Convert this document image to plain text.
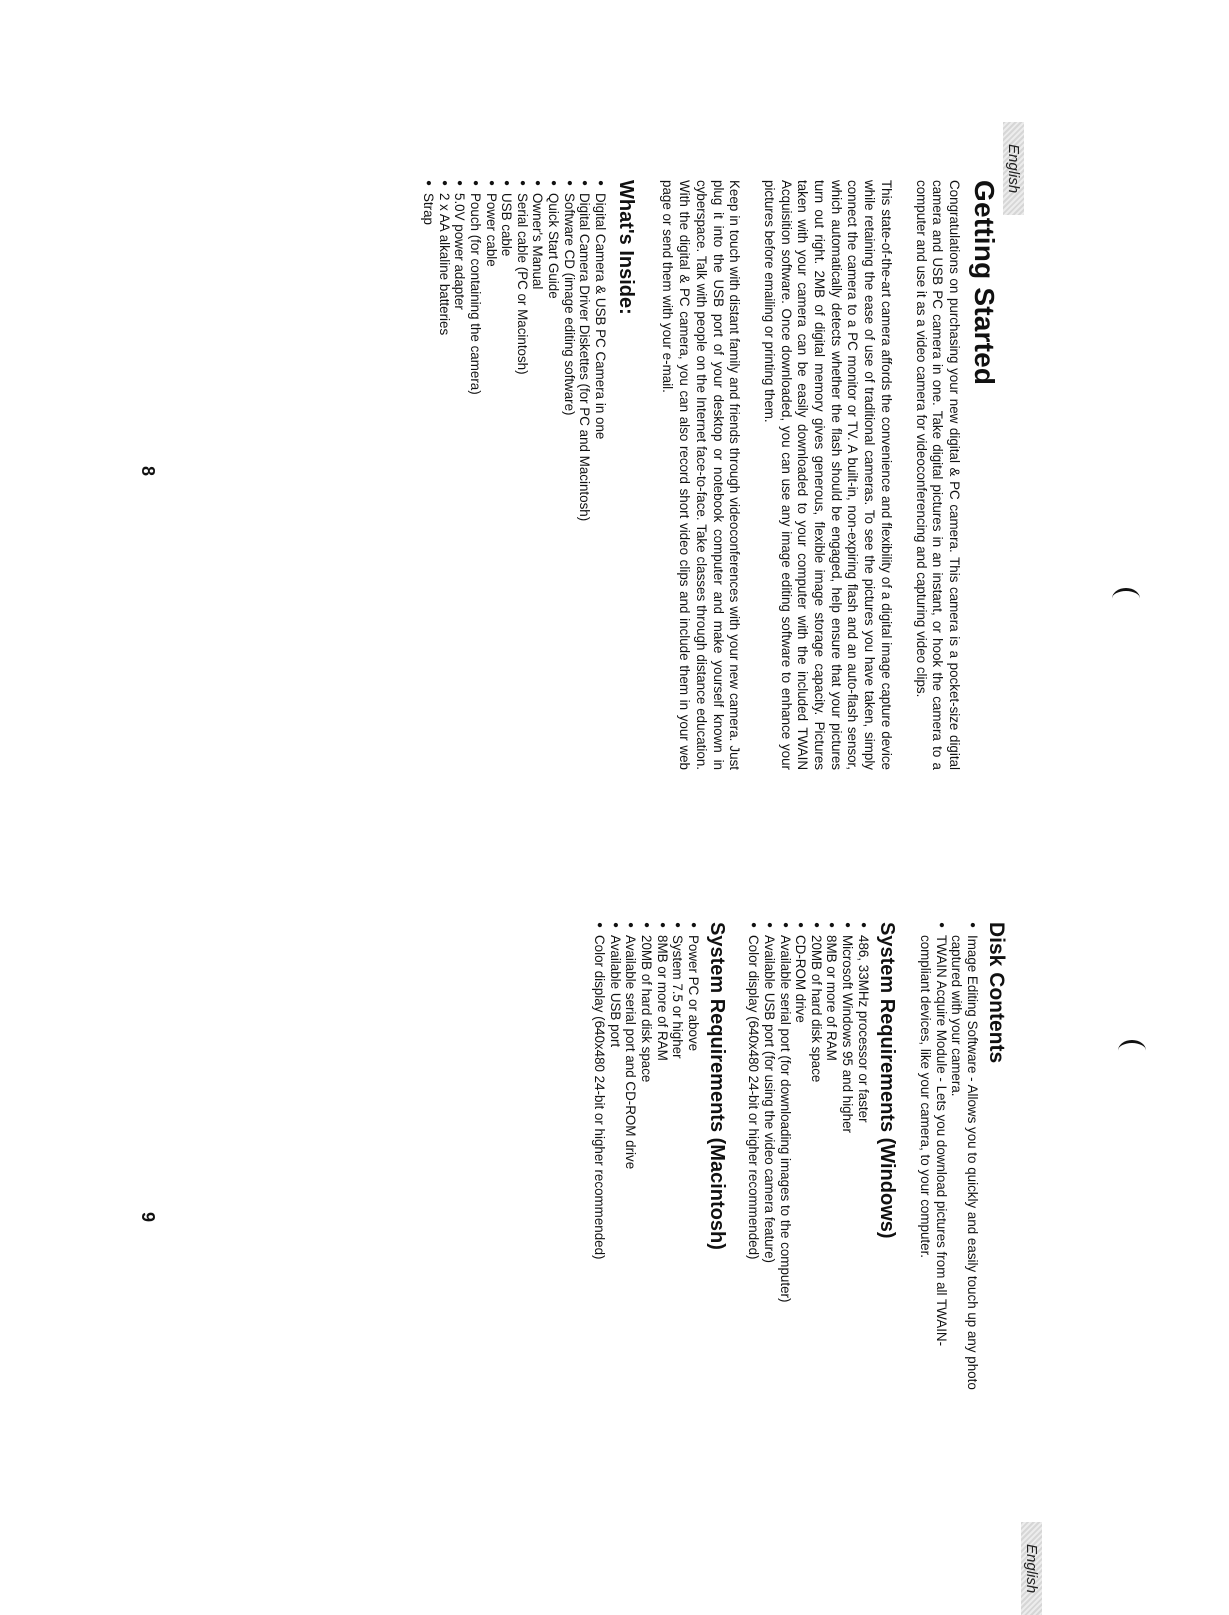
English
Getting Started

Congratulations on purchasing your new digital & PC camera. This camera is a pocket-size digital camera and USB PC camera in one. Take digital pictures in an instant, or hook the camera to a computer and use it as a video camera for videoconferencing and capturing video clips.

This state-of-the-art camera affords the convenience and flexibility of a digital image capture device while retaining the ease of use of traditional cameras. To see the pictures you have taken, simply connect the camera to a PC monitor or TV. A built-in, non-expiring flash and an auto-flash sensor, which automatically detects whether the flash should be engaged, help ensure that your pictures turn out right. 2MB of digital memory gives generous, flexible image storage capacity. Pictures taken with your camera can be easily downloaded to your computer with the included TWAIN Acquisition software. Once downloaded, you can use any image editing software to enhance your pictures before emailing or printing them.

Keep in touch with distant family and friends through videoconferences with your new camera. Just plug it into the USB port of your desktop or notebook computer and make yourself known in cyberspace. Talk with people on the Internet face-to-face. Take classes through distance education. With the digital & PC camera, you can also record short video clips and include them in your web page or send them with your e-mail.

What's Inside:
● Digital Camera & USB PC Camera in one
● Digital Camera Driver Diskettes (for PC and Macintosh)
● Software CD (image editing software)
● Quick Start Guide
● Owner's Manual
● Serial cable (PC or Macintosh)
● USB cable
● Power cable
● Pouch (for containing the camera)
● 5.0V power adapter
● 2 x AA alkaline batteries
● Strap
8
Disk Contents
● Image Editing Software - Allows you to quickly and easily touch up any photo captured with your camera.
● TWAIN Acquire Module - Lets you download pictures from all TWAIN-compliant devices, like your camera, to your computer.
System Requirements (Windows)
● 486, 33MHz processor or faster
● Microsoft Windows 95 and higher
● 8MB or more of RAM
● 20MB of hard disk space
● CD-ROM drive
● Available serial port (for downloading images to the computer)
● Available USB port (for using the video camera feature)
● Color display (640x480 24-bit or higher recommended)
System Requirements (Macintosh)
● Power PC or above
● System 7.5 or higher
● 8MB or more of RAM
● 20MB of hard disk space
● Available serial port and CD-ROM drive
● Available USB port
● Color display (640x480 24-bit or higher recommended)
9
English
